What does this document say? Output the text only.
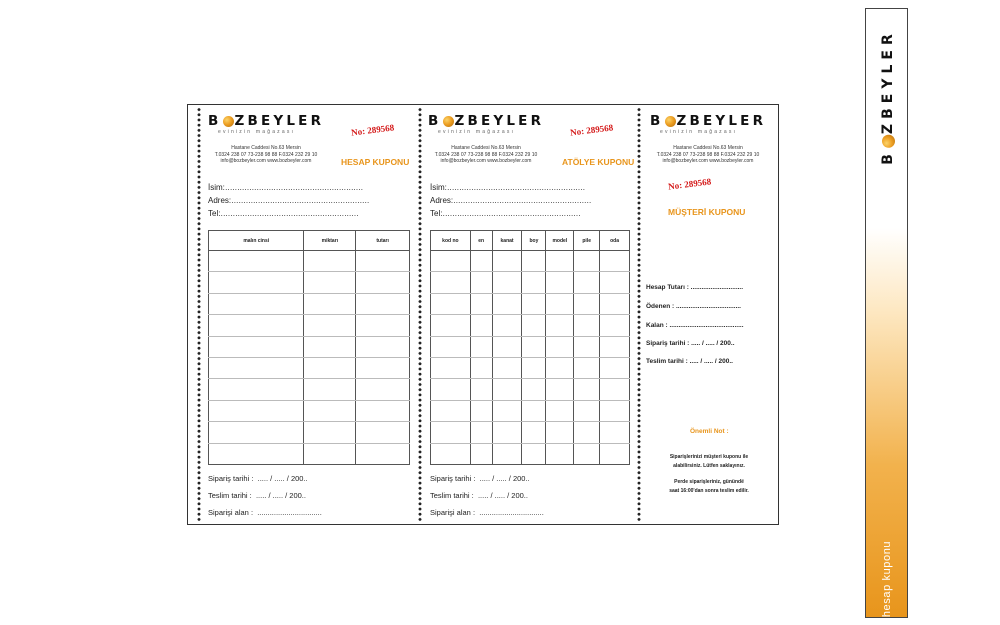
B ZBEYLER
evinizin mağazası
Hastane Caddesi No.63 Mersin
T.0324 238 07 73-238 98 88 F.0324 232 29 10
info@bozbeyler.com www.bozbeyler.com
No: 289568
HESAP KUPONU
İsim:.........................................................
Adres:.........................................................
Tel:.........................................................
malın cinsi	miktarı	tutarı

Sipariş tarihi : ..... / ..... / 200..
Teslim tarihi : ..... / ..... / 200..
Siparişi alan : ...............................
B ZBEYLER
evinizin mağazası
Hastane Caddesi No.63 Mersin
T.0324 238 07 73-238 98 88 F.0324 232 29 10
info@bozbeyler.com www.bozbeyler.com
No: 289568
ATÖLYE KUPONU
İsim:.........................................................
Adres:.........................................................
Tel:.........................................................
kod no	en	kanat	boy	model	pile	oda

Sipariş tarihi : ..... / ..... / 200..
Teslim tarihi : ..... / ..... / 200..
Siparişi alan : ...............................
B ZBEYLER
evinizin mağazası
Hastane Caddesi No.63 Mersin
T.0324 238 07 73-238 98 88 F.0324 232 29 10
info@bozbeyler.com www.bozbeyler.com
No: 289568
MÜŞTERİ KUPONU
Hesap Tutarı : .............................
Ödenen : ....................................
Kalan : .........................................
Sipariş tarihi : ..... / ..... / 200..
Teslim tarihi : ..... / ..... / 200..
Önemli Not :
Siparişlerinizi müşteri kuponu ile
alabilirsiniz. Lütfen saklayınız.
Perde siparişleriniz, günündë
saat 16:00'dan sonra teslim edilir.
B
ZBEYLER
hesap kuponu
